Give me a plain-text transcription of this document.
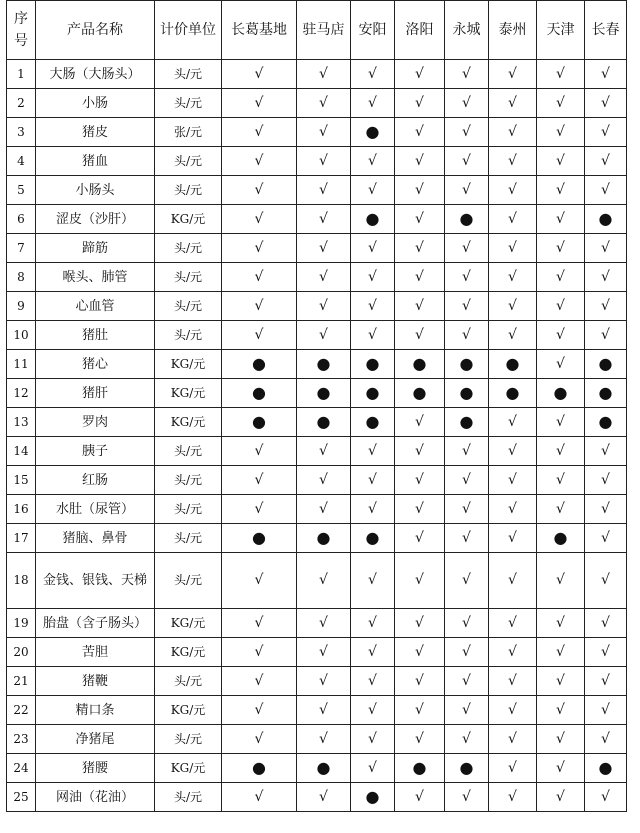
序号	产品名称	计价单位	长葛基地	驻马店	安阳	洛阳	永城	泰州	天津	长春
1	大肠（大肠头）	头/元	√	√	√	√	√	√	√	√
2	小肠	头/元	√	√	√	√	√	√	√	√
3	猪皮	张/元	√	√	●	√	√	√	√	√
4	猪血	头/元	√	√	√	√	√	√	√	√
5	小肠头	头/元	√	√	√	√	√	√	√	√
6	涩皮（沙肝）	KG/元	√	√	●	√	●	√	√	●
7	蹄筋	头/元	√	√	√	√	√	√	√	√
8	喉头、肺管	头/元	√	√	√	√	√	√	√	√
9	心血管	头/元	√	√	√	√	√	√	√	√
10	猪肚	头/元	√	√	√	√	√	√	√	√
11	猪心	KG/元	●	●	●	●	●	●	√	●
12	猪肝	KG/元	●	●	●	●	●	●	●	●
13	罗肉	KG/元	●	●	●	√	●	√	√	●
14	胰子	头/元	√	√	√	√	√	√	√	√
15	红肠	头/元	√	√	√	√	√	√	√	√
16	水肚（尿管）	头/元	√	√	√	√	√	√	√	√
17	猪脑、鼻骨	头/元	●	●	●	√	√	√	●	√
18	金钱、银钱、天梯	头/元	√	√	√	√	√	√	√	√
19	胎盘（含子肠头）	KG/元	√	√	√	√	√	√	√	√
20	苦胆	KG/元	√	√	√	√	√	√	√	√
21	猪鞭	头/元	√	√	√	√	√	√	√	√
22	精口条	KG/元	√	√	√	√	√	√	√	√
23	净猪尾	头/元	√	√	√	√	√	√	√	√
24	猪腰	KG/元	●	●	√	●	●	√	√	●
25	网油（花油）	头/元	√	√	●	√	√	√	√	√
